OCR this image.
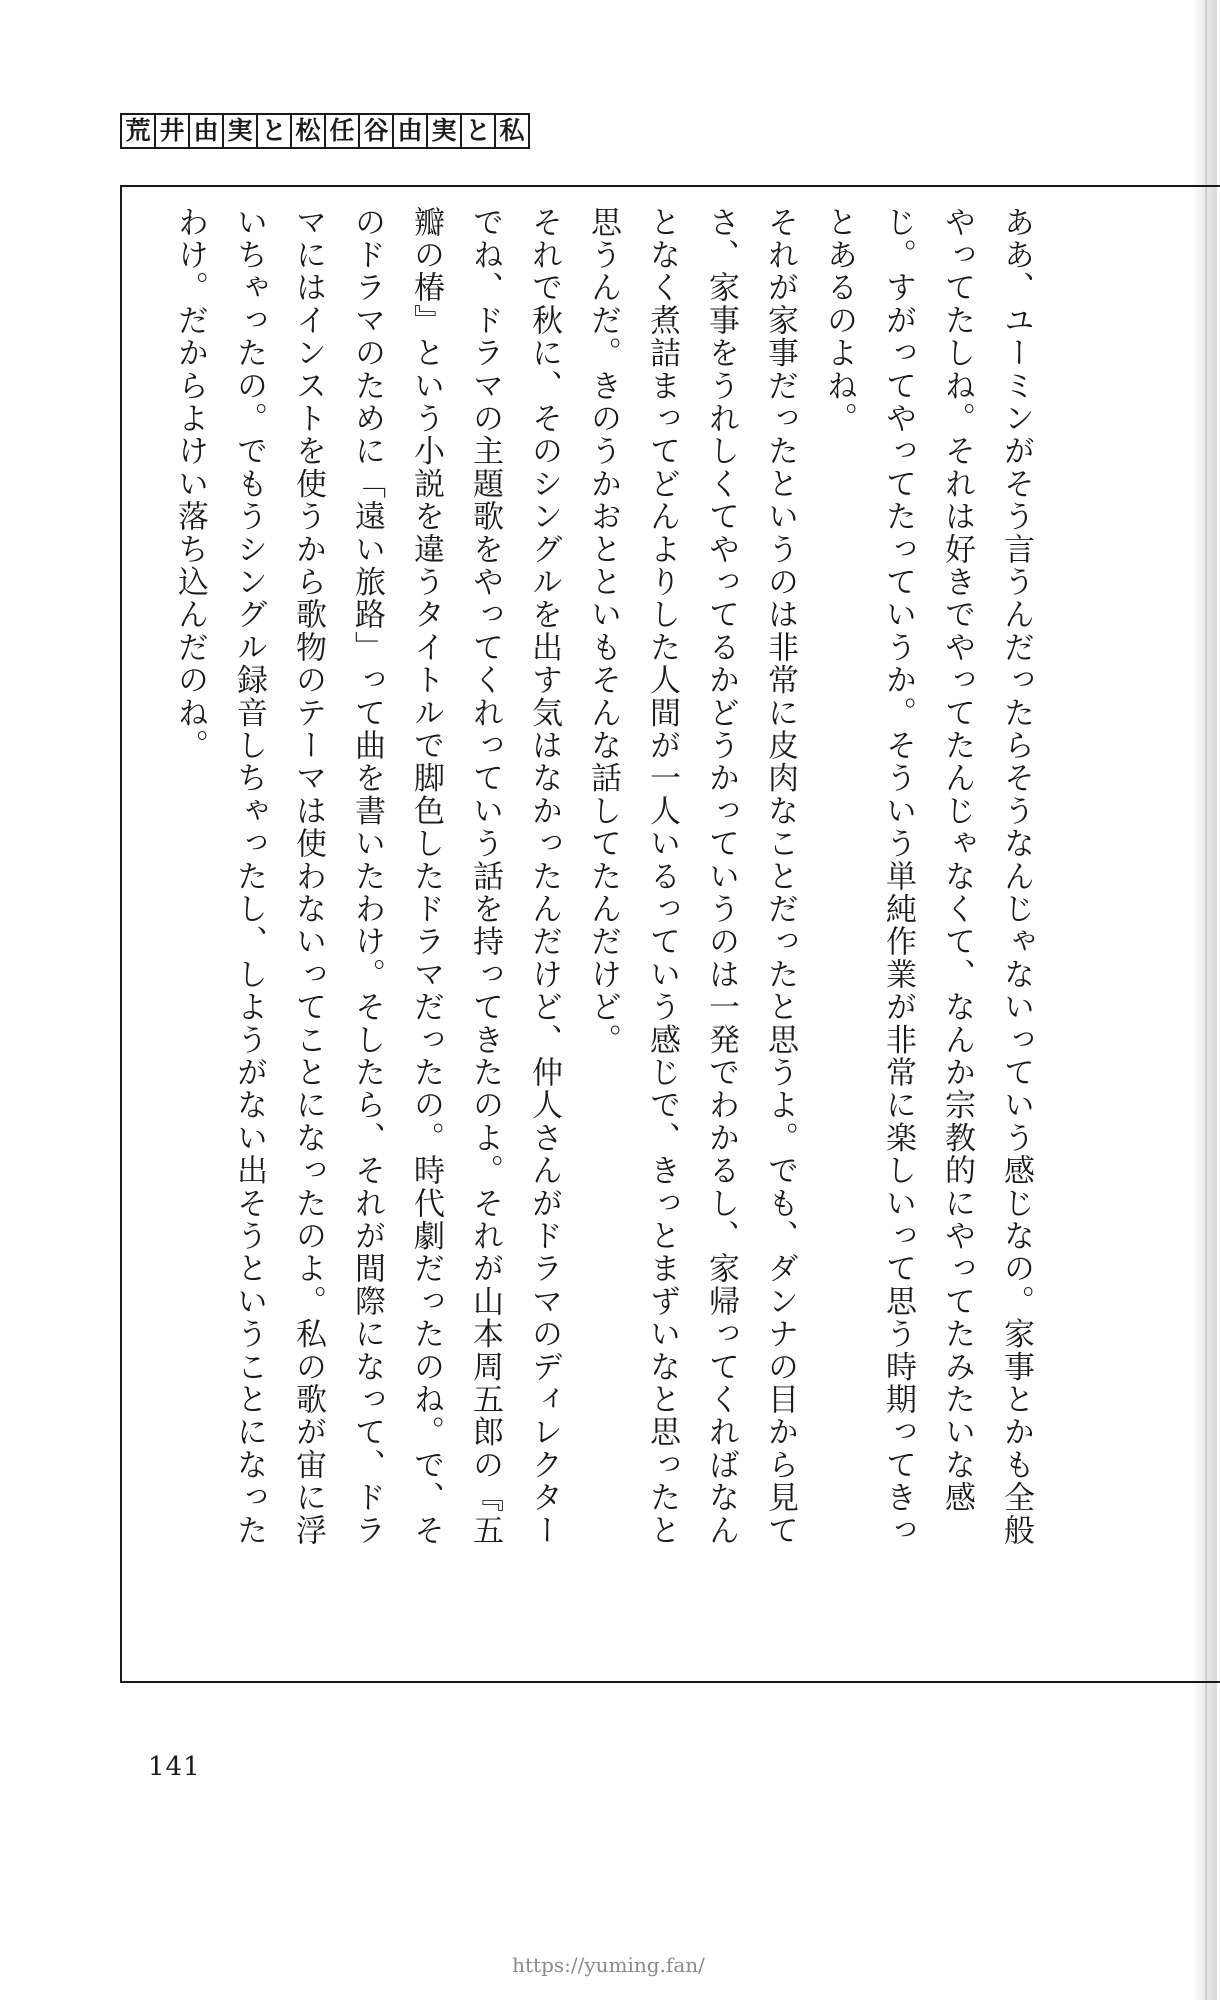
荒 井 由 実 と 松 任 谷 由 実 と 私

ああ、ユーミンがそう言うんだったらそうなんじゃないっていう感じなの。家事とかも全般やってたしね。それは好きでやってたんじゃなくて、なんか宗教的にやってたみたいな感じ。すがってやってたっていうか。そういう単純作業が非常に楽しいって思う時期ってきっとあるのよね。

それが家事だったというのは非常に皮肉なことだったと思うよ。でも、ダンナの目から見てさ、家事をうれしくてやってるかどうかっていうのは一発でわかるし、家帰ってくればなんとなく煮詰まってどんよりした人間が一人いるっていう感じで、きっとまずいなと思ったと思うんだ。きのうかおとといもそんな話してたんだけど。

それで秋に、そのシングルを出す気はなかったんだけど、仲人さんがドラマのディレクターでね、ドラマの主題歌をやってくれっていう話を持ってきたのよ。それが山本周五郎の『五瓣の椿』という小説を違うタイトルで脚色したドラマだったの。時代劇だったのね。で、そのドラマのために「遠い旅路」って曲を書いたわけ。そしたら、それが間際になって、ドラマにはインストを使うから歌物のテーマは使わないってことになったのよ。私の歌が宙に浮いちゃったの。でもうシングル録音しちゃったし、しようがない出そうということになったわけ。だからよけい落ち込んだのね。

141
https://yuming.fan/
